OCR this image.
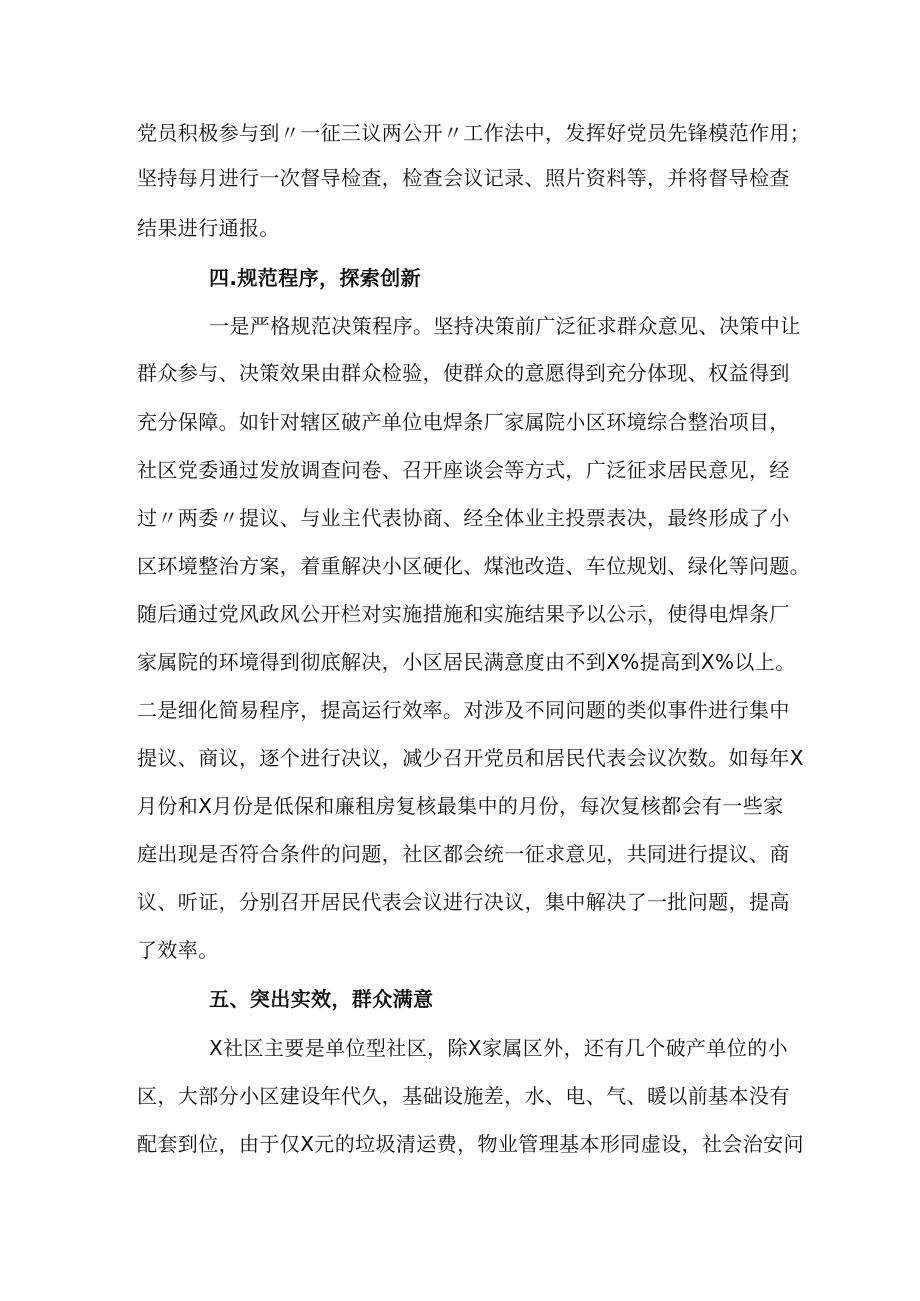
党员积极参与到〃一征三议两公开〃工作法中，发挥好党员先锋模范作用；
坚持每月进行一次督导检查，检查会议记录、照片资料等，并将督导检查
结果进行通报。
四.规范程序，探索创新
一是严格规范决策程序。坚持决策前广泛征求群众意见、决策中让
群众参与、决策效果由群众检验，使群众的意愿得到充分体现、权益得到
充分保障。如针对辖区破产单位电焊条厂家属院小区环境综合整治项目，
社区党委通过发放调查问卷、召开座谈会等方式，广泛征求居民意见，经
过〃两委〃提议、与业主代表协商、经全体业主投票表决，最终形成了小
区环境整治方案，着重解决小区硬化、煤池改造、车位规划、绿化等问题。
随后通过党风政风公开栏对实施措施和实施结果予以公示，使得电焊条厂
家属院的环境得到彻底解决，小区居民满意度由不到X%提高到X%以上。
二是细化简易程序，提高运行效率。对涉及不同问题的类似事件进行集中
提议、商议，逐个进行决议，减少召开党员和居民代表会议次数。如每年X
月份和X月份是低保和廉租房复核最集中的月份，每次复核都会有一些家
庭出现是否符合条件的问题，社区都会统一征求意见，共同进行提议、商
议、听证，分别召开居民代表会议进行决议，集中解决了一批问题，提高
了效率。
五、突出实效，群众满意
X社区主要是单位型社区，除X家属区外，还有几个破产单位的小
区，大部分小区建设年代久，基础设施差，水、电、气、暖以前基本没有
配套到位，由于仅X元的垃圾清运费，物业管理基本形同虚设，社会治安问
